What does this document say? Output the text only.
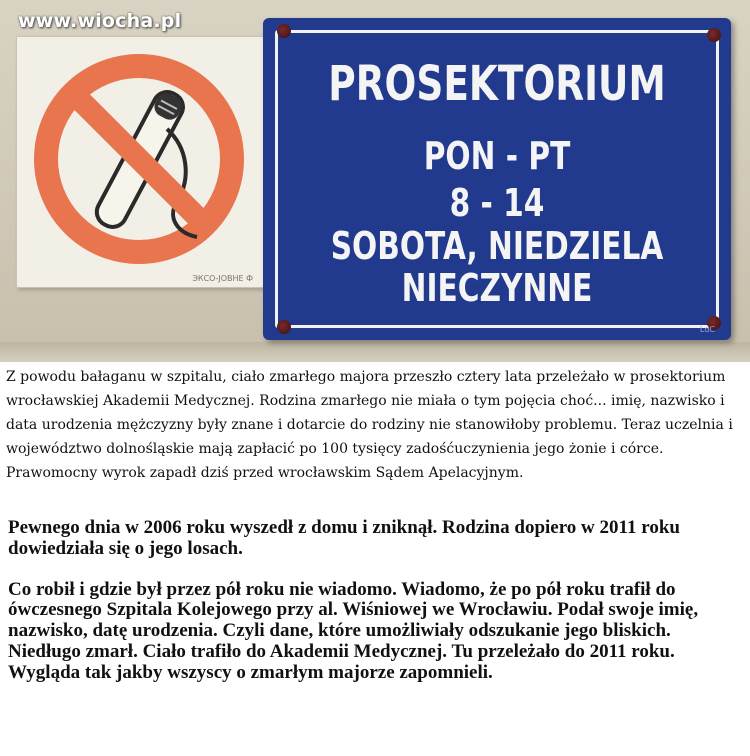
ЭКСО-ЈОВНЕ Ф
PROSEKTORIUM
PON - PT
8 - 14
SOBOTA, NIEDZIELA
NIECZYNNE
LdC
www.wiocha.pl

Z powodu bałaganu w szpitalu, ciało zmarłego majora przeszło cztery lata przeleżało w prosektorium wrocławskiej Akademii Medycznej. Rodzina zmarłego nie miała o tym pojęcia choć... imię, nazwisko i data urodzenia mężczyzny były znane i dotarcie do rodziny nie stanowiłoby problemu. Teraz uczelnia i województwo dolnośląskie mają zapłacić po 100 tysięcy zadośćuczynienia jego żonie i córce. Prawomocny wyrok zapadł dziś przed wrocławskim Sądem Apelacyjnym.

Pewnego dnia w 2006 roku wyszedł z domu i zniknął. Rodzina dopiero w 2011 roku dowiedziała się o jego losach.

Co robił i gdzie był przez pół roku nie wiadomo. Wiadomo, że po pół roku trafił do ówczesnego Szpitala Kolejowego przy al. Wiśniowej we Wrocławiu. Podał swoje imię, nazwisko, datę urodzenia. Czyli dane, które umożliwiały odszukanie jego bliskich. Niedługo zmarł. Ciało trafiło do Akademii Medycznej. Tu przeleżało do 2011 roku. Wygląda tak jakby wszyscy o zmarłym majorze zapomnieli.
